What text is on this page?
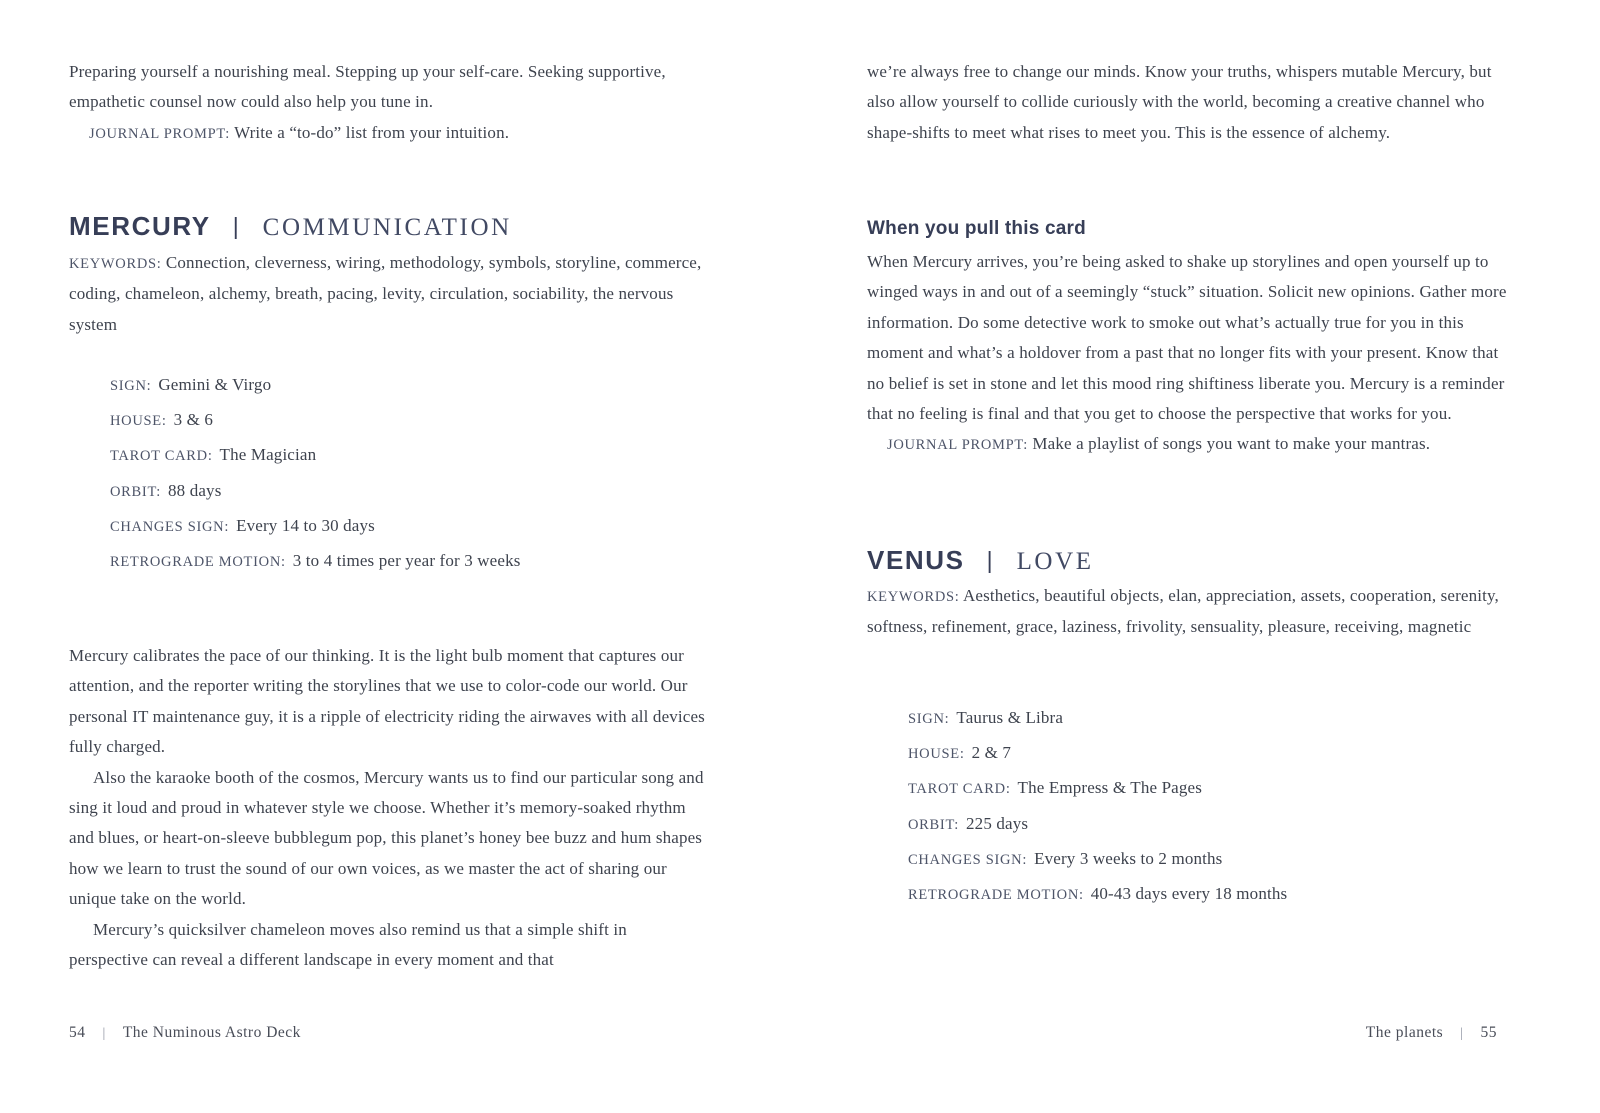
Preparing yourself a nourishing meal. Stepping up your self-care. Seeking supportive, empathetic counsel now could also help you tune in.

JOURNAL PROMPT: Write a “to-do” list from your intuition.

MERCURY | COMMUNICATION

KEYWORDS: Connection, cleverness, wiring, methodology, symbols, storyline, commerce, coding, chameleon, alchemy, breath, pacing, levity, circulation, sociability, the nervous system

SIGN: Gemini & Virgo
HOUSE: 3 & 6
TAROT CARD: The Magician
ORBIT: 88 days
CHANGES SIGN: Every 14 to 30 days
RETROGRADE MOTION: 3 to 4 times per year for 3 weeks

Mercury calibrates the pace of our thinking. It is the light bulb moment that captures our attention, and the reporter writing the storylines that we use to color-code our world. Our personal IT maintenance guy, it is a ripple of electricity riding the airwaves with all devices fully charged.

Also the karaoke booth of the cosmos, Mercury wants us to find our particular song and sing it loud and proud in whatever style we choose. Whether it’s memory-soaked rhythm and blues, or heart-on-sleeve bubblegum pop, this planet’s honey bee buzz and hum shapes how we learn to trust the sound of our own voices, as we master the act of sharing our unique take on the world.

Mercury’s quicksilver chameleon moves also remind us that a simple shift in perspective can reveal a different landscape in every moment and that

54 | The Numinous Astro Deck

we’re always free to change our minds. Know your truths, whispers mutable Mercury, but also allow yourself to collide curiously with the world, becoming a creative channel who shape-shifts to meet what rises to meet you. This is the essence of alchemy.

When you pull this card

When Mercury arrives, you’re being asked to shake up storylines and open yourself up to winged ways in and out of a seemingly “stuck” situation. Solicit new opinions. Gather more information. Do some detective work to smoke out what’s actually true for you in this moment and what’s a holdover from a past that no longer fits with your present. Know that no belief is set in stone and let this mood ring shiftiness liberate you. Mercury is a reminder that no feeling is final and that you get to choose the perspective that works for you.

JOURNAL PROMPT: Make a playlist of songs you want to make your mantras.

VENUS | LOVE

KEYWORDS: Aesthetics, beautiful objects, elan, appreciation, assets, cooperation, serenity, softness, refinement, grace, laziness, frivolity, sensuality, pleasure, receiving, magnetic

SIGN: Taurus & Libra
HOUSE: 2 & 7
TAROT CARD: The Empress & The Pages
ORBIT: 225 days
CHANGES SIGN: Every 3 weeks to 2 months
RETROGRADE MOTION: 40-43 days every 18 months
The planets | 55
